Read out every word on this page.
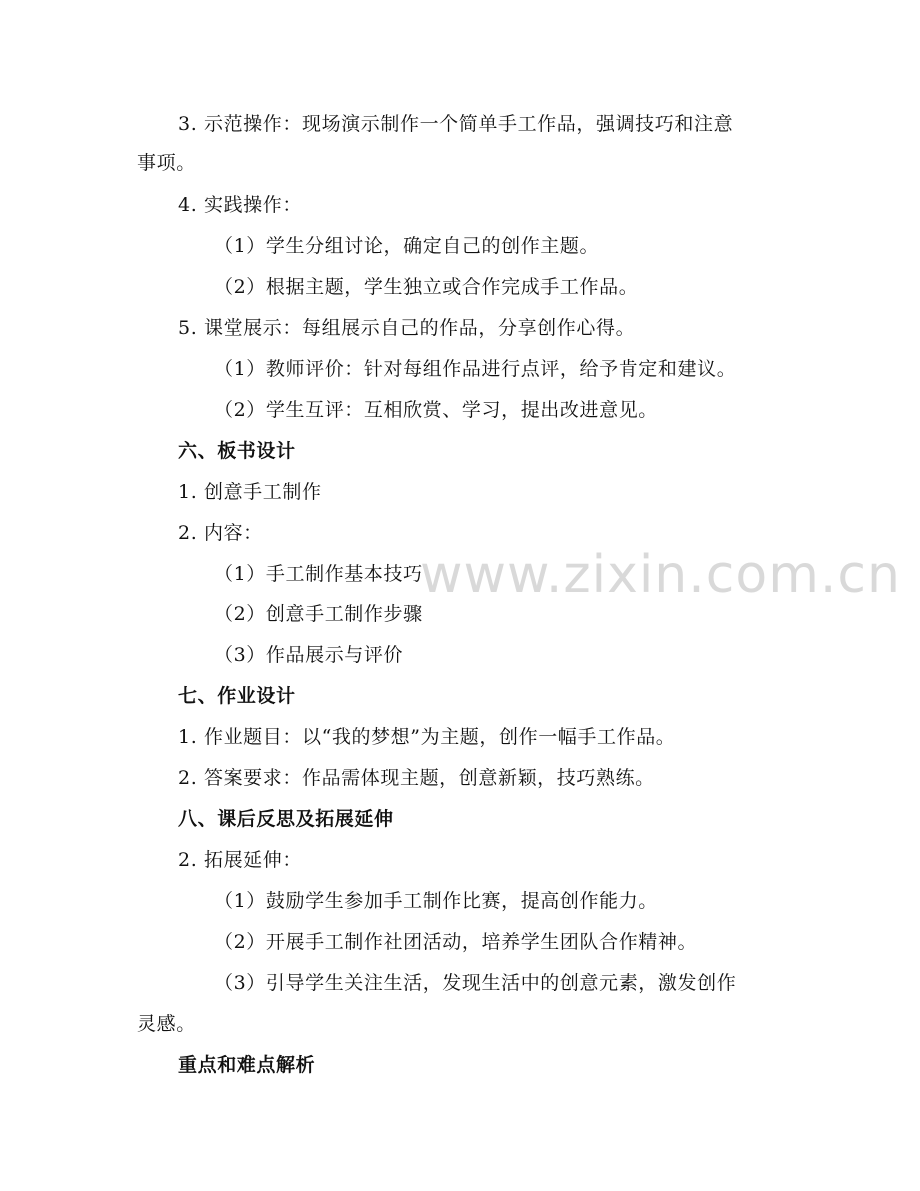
www.zixin.com.cn
3. 示范操作：现场演示制作一个简单手工作品，强调技巧和注意
事项。
4. 实践操作：
（1）学生分组讨论，确定自己的创作主题。
（2）根据主题，学生独立或合作完成手工作品。
5. 课堂展示：每组展示自己的作品，分享创作心得。
（1）教师评价：针对每组作品进行点评，给予肯定和建议。
（2）学生互评：互相欣赏、学习，提出改进意见。
六、板书设计
1. 创意手工制作
2. 内容：
（1）手工制作基本技巧
（2）创意手工制作步骤
（3）作品展示与评价
七、作业设计
1. 作业题目：以“我的梦想”为主题，创作一幅手工作品。
2. 答案要求：作品需体现主题，创意新颖，技巧熟练。
八、课后反思及拓展延伸
2. 拓展延伸：
（1）鼓励学生参加手工制作比赛，提高创作能力。
（2）开展手工制作社团活动，培养学生团队合作精神。
（3）引导学生关注生活，发现生活中的创意元素，激发创作
灵感。
重点和难点解析
